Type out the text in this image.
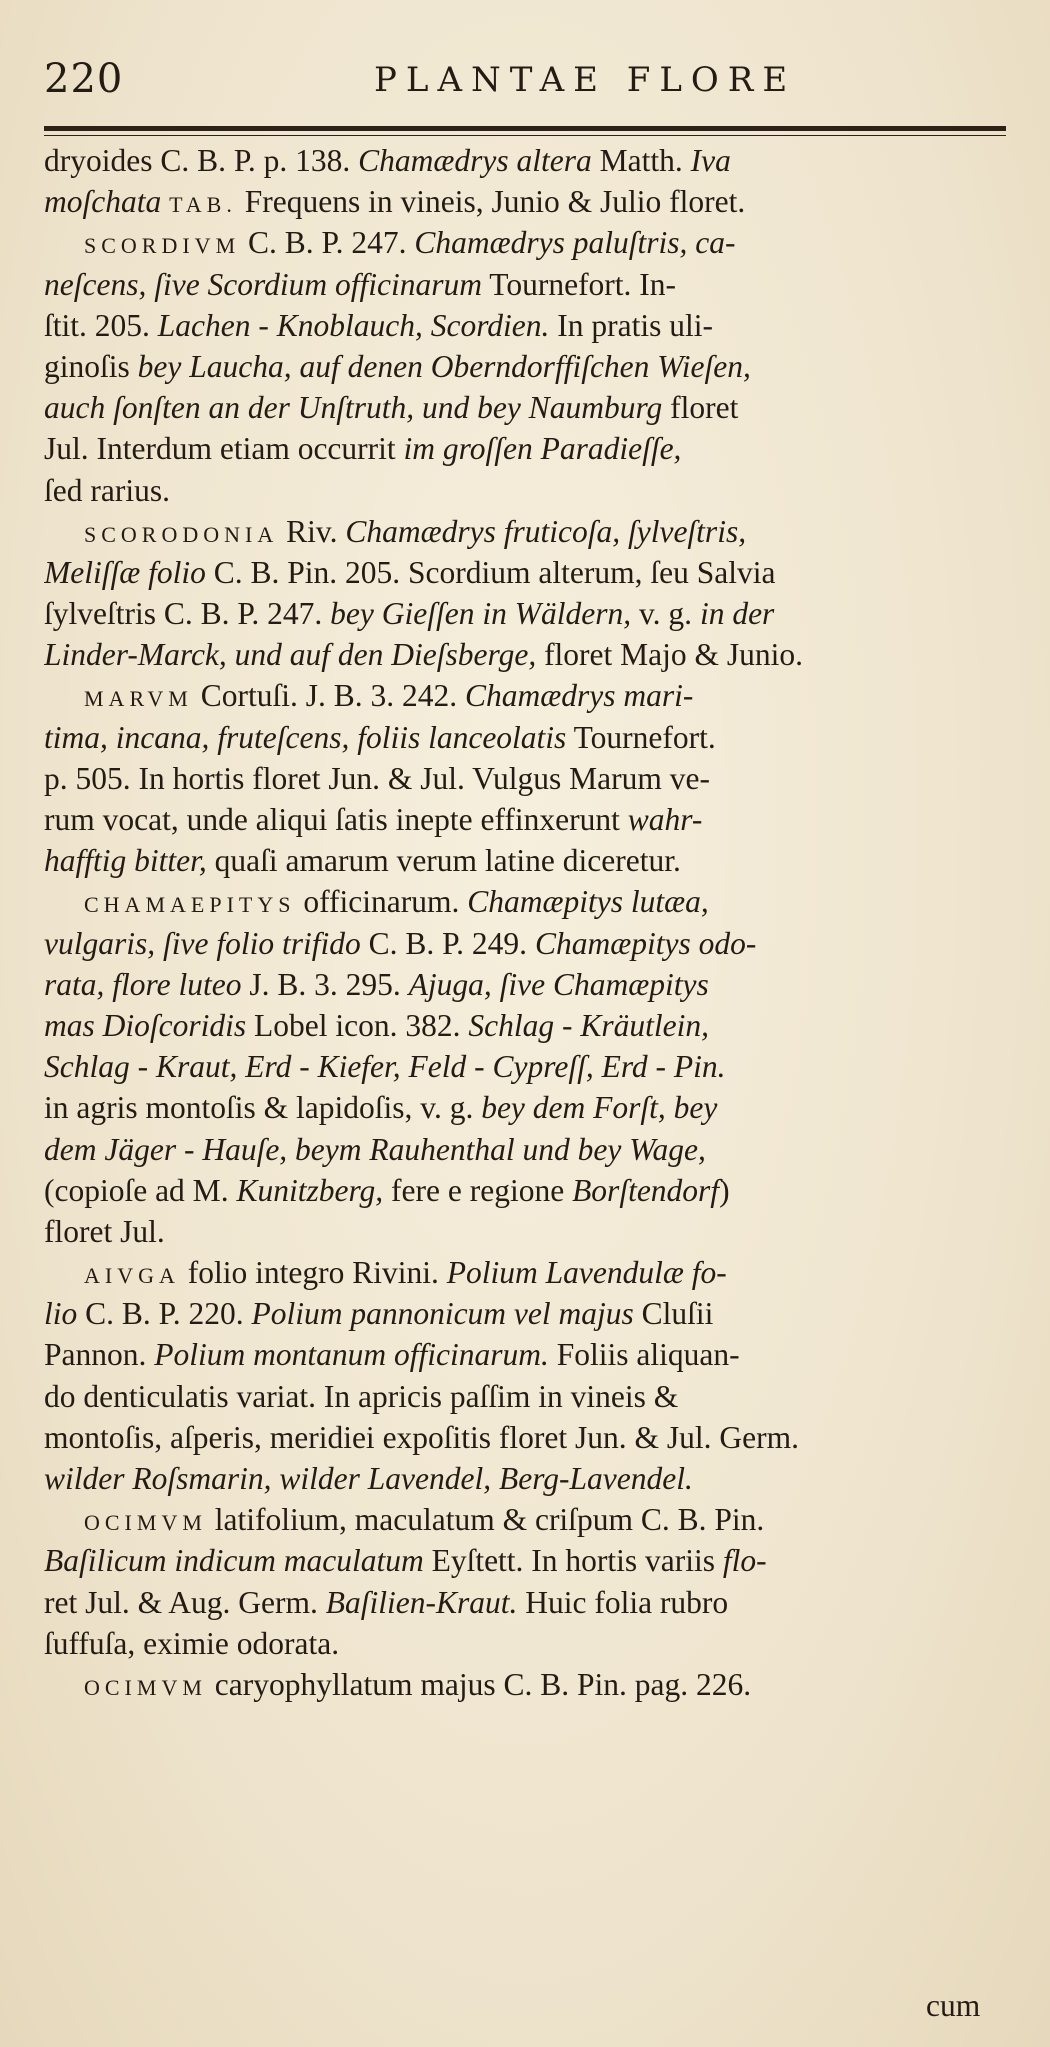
220	PLANTAE FLORE
dryoides C. B. P. p. 138. Chamædrys altera Matth. Iva
moſchata TAB. Frequens in vineis, Junio & Julio floret.
SCORDIVM C. B. P. 247. Chamædrys paluſtris, ca-
neſcens, ſive Scordium officinarum Tournefort. In-
ſtit. 205. Lachen - Knoblauch, Scordien. In pratis uli-
ginoſis bey Laucha, auf denen Oberndorffiſchen Wieſen,
auch ſonſten an der Unſtruth, und bey Naumburg floret
Jul. Interdum etiam occurrit im groſſen Paradieſſe,
ſed rarius.
SCORODONIA Riv. Chamædrys fruticoſa, ſylveſtris,
Meliſſæ folio C. B. Pin. 205. Scordium alterum, ſeu Salvia
ſylveſtris C. B. P. 247. bey Gieſſen in Wäldern, v. g. in der
Linder-Marck, und auf den Dieſsberge, floret Majo & Junio.
MARVM Cortuſi. J. B. 3. 242. Chamædrys mari-
tima, incana, fruteſcens, foliis lanceolatis Tournefort.
p. 505. In hortis floret Jun. & Jul. Vulgus Marum ve-
rum vocat, unde aliqui ſatis inepte effinxerunt wahr-
hafftig bitter, quaſi amarum verum latine diceretur.
CHAMAEPITYS officinarum. Chamæpitys lutæa,
vulgaris, ſive folio trifido C. B. P. 249. Chamæpitys odo-
rata, flore luteo J. B. 3. 295. Ajuga, ſive Chamæpitys
mas Dioſcoridis Lobel icon. 382. Schlag - Kräutlein,
Schlag - Kraut, Erd - Kiefer, Feld - Cypreſſ, Erd - Pin.
in agris montoſis & lapidoſis, v. g. bey dem Forſt, bey
dem Jäger - Hauſe, beym Rauhenthal und bey Wage,
(copioſe ad M. Kunitzberg, fere e regione Borſtendorf)
floret Jul.
AIVGA folio integro Rivini. Polium Lavendulæ fo-
lio C. B. P. 220. Polium pannonicum vel majus Cluſii
Pannon. Polium montanum officinarum. Foliis aliquan-
do denticulatis variat. In apricis paſſim in vineis &
montoſis, aſperis, meridiei expoſitis floret Jun. & Jul. Germ.
wilder Roſsmarin, wilder Lavendel, Berg-Lavendel.
OCIMVM latifolium, maculatum & criſpum C. B. Pin.
Baſilicum indicum maculatum Eyſtett. In hortis variis flo-
ret Jul. & Aug. Germ. Baſilien-Kraut. Huic folia rubro
ſuffuſa, eximie odorata.
OCIMVM caryophyllatum majus C. B. Pin. pag. 226.
cum
